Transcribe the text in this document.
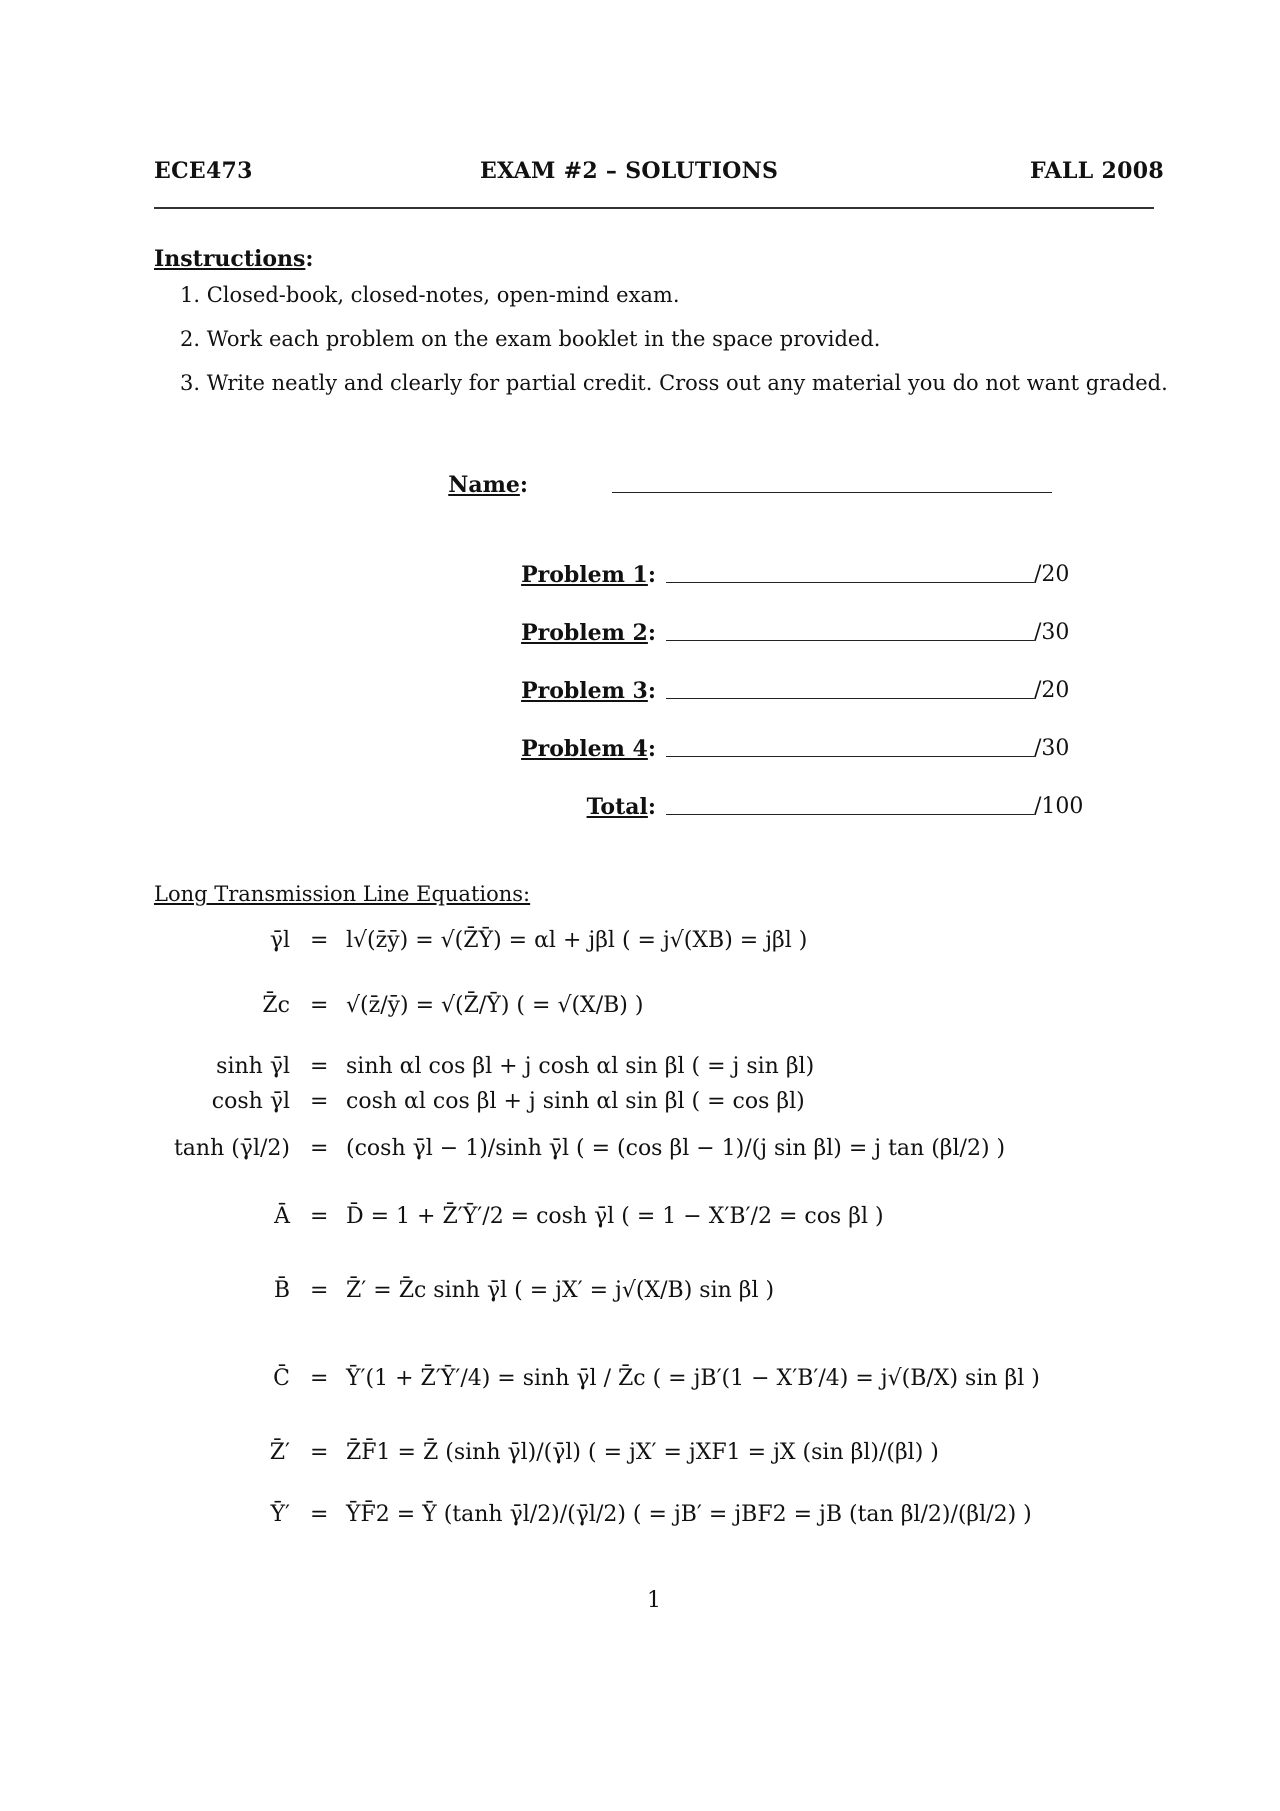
ECE473	EXAM #2 – SOLUTIONS	FALL 2008
Instructions:
1. Closed-book, closed-notes, open-mind exam.
2. Work each problem on the exam booklet in the space provided.
3. Write neatly and clearly for partial credit. Cross out any material you do not want graded.
Name:
Problem 1:	/20
Problem 2:	/30
Problem 3:	/20
Problem 4:	/30
Total:	/100
Long Transmission Line Equations:
γ̄l = l√(z̄ȳ) = √(Z̄Ȳ) = αl + jβl ( = j√(XB) = jβl )
Z̄c = √(z̄/ȳ) = √(Z̄/Ȳ) ( = √(X/B) )
sinh γ̄l = sinh αl cos βl + j cosh αl sin βl ( = j sin βl)
cosh γ̄l = cosh αl cos βl + j sinh αl sin βl ( = cos βl)
tanh (γ̄l/2) = (cosh γ̄l − 1)/sinh γ̄l ( = (cos βl − 1)/(j sin βl) = j tan (βl/2) )
Ā = D̄ = 1 + Z̄′Ȳ′/2 = cosh γ̄l ( = 1 − X′B′/2 = cos βl )
B̄ = Z̄′ = Z̄c sinh γ̄l ( = jX′ = j√(X/B) sin βl )
C̄ = Ȳ′(1 + Z̄′Ȳ′/4) = sinh γ̄l / Z̄c ( = jB′(1 − X′B′/4) = j√(B/X) sin βl )
Z̄′ = Z̄F̄1 = Z̄ (sinh γ̄l)/(γ̄l) ( = jX′ = jXF1 = jX (sin βl)/(βl) )
Ȳ′ = ȲF̄2 = Ȳ (tanh γ̄l/2)/(γ̄l/2) ( = jB′ = jBF2 = jB (tan βl/2)/(βl/2) )
1
